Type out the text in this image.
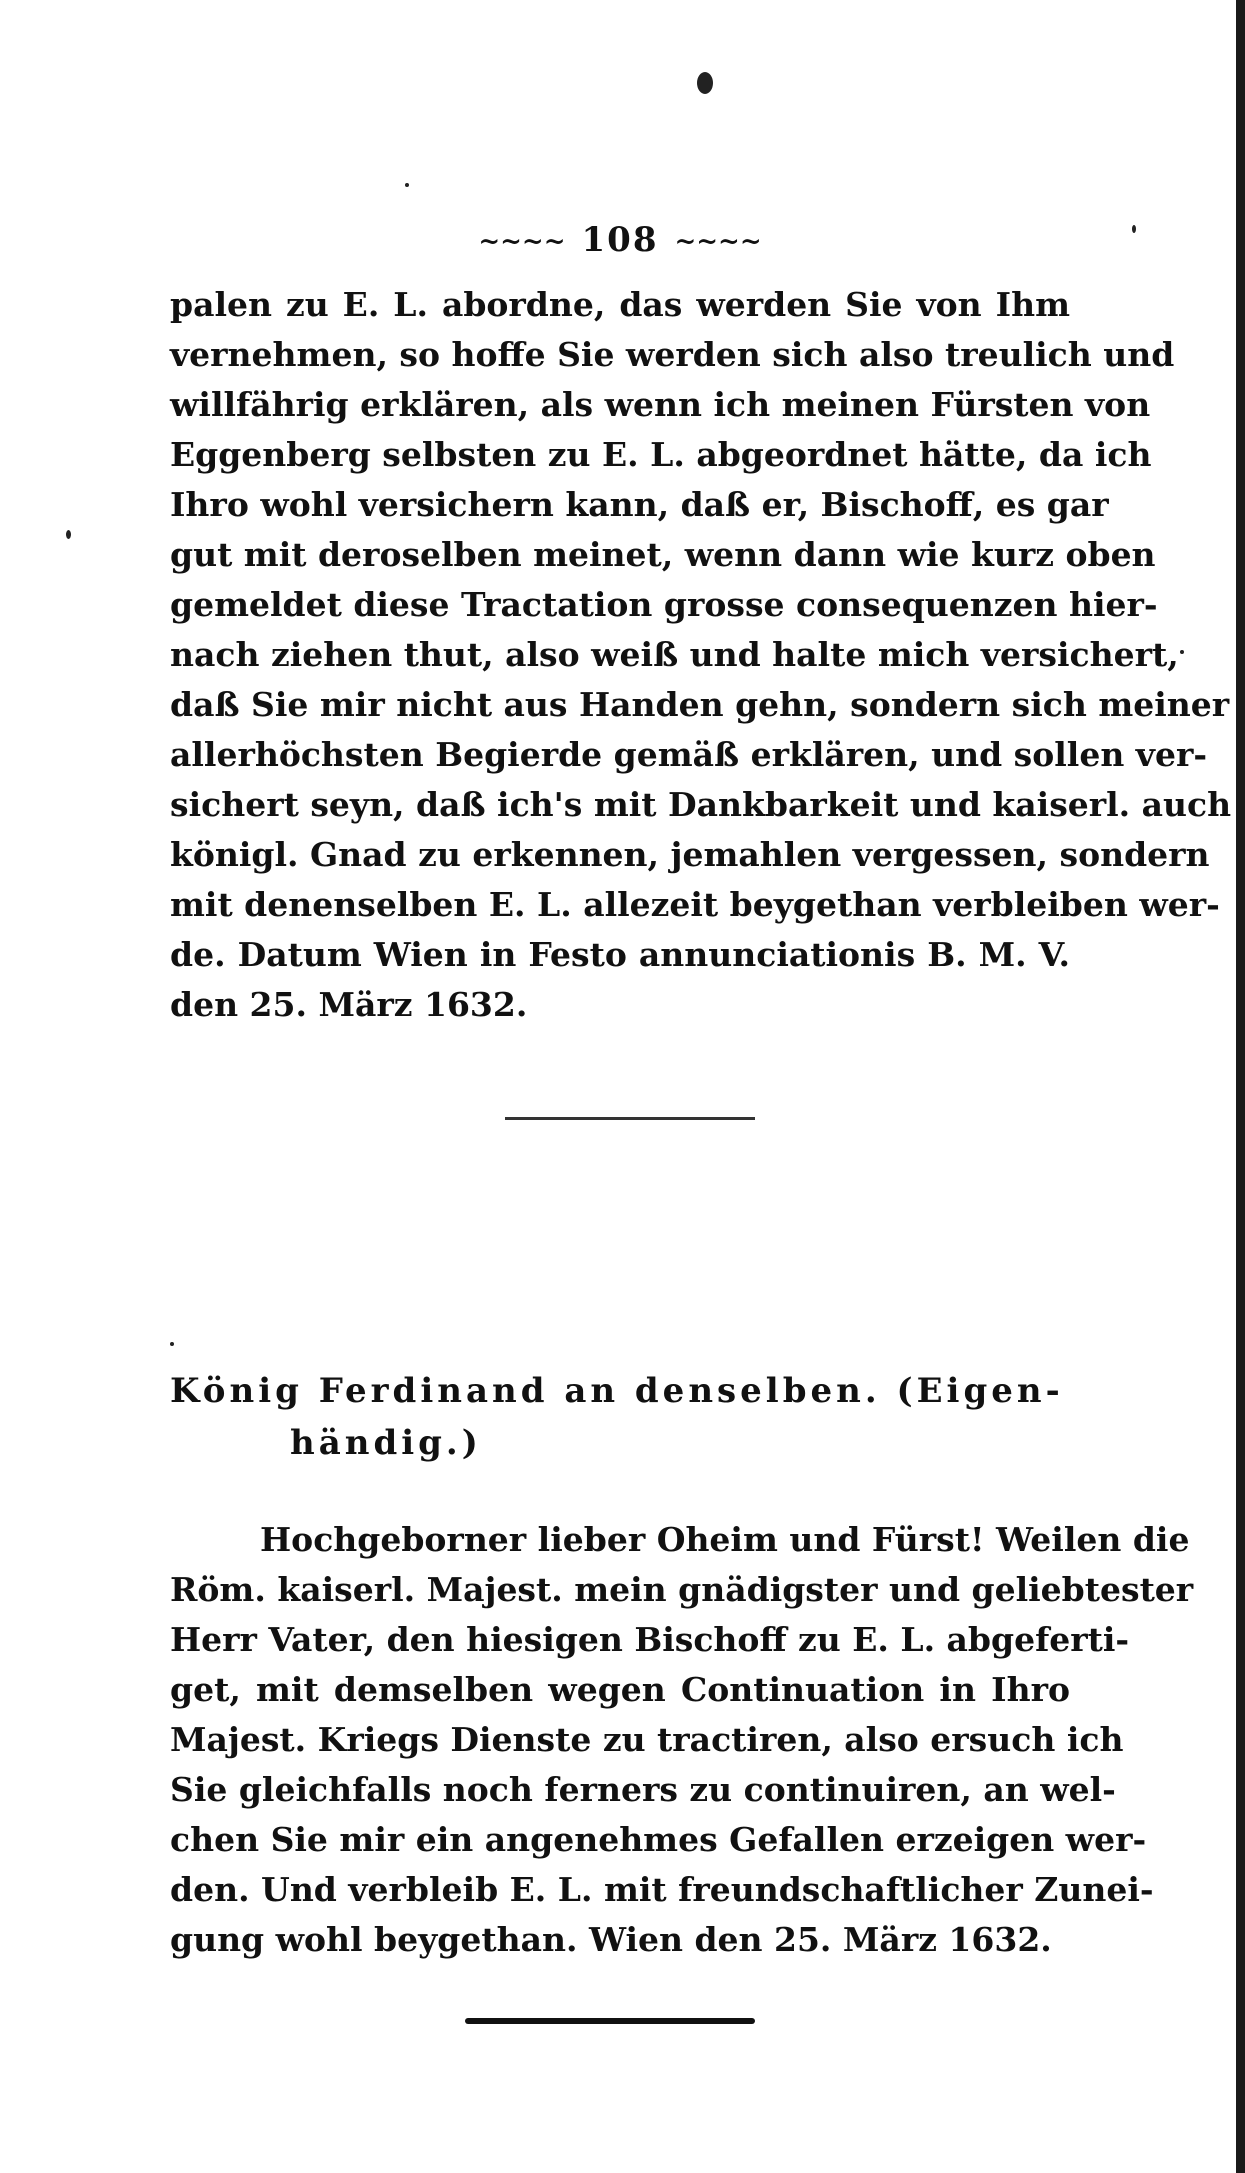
~~~~ 108 ~~~~
palen zu E. L. abordne, das werden Sie von Ihm
vernehmen, so hoffe Sie werden sich also treulich und
willfährig erklären, als wenn ich meinen Fürsten von
Eggenberg selbsten zu E. L. abgeordnet hätte, da ich
Ihro wohl versichern kann, daß er, Bischoff, es gar
gut mit deroselben meinet, wenn dann wie kurz oben
gemeldet diese Tractation grosse consequenzen hier-
nach ziehen thut, also weiß und halte mich versichert,
daß Sie mir nicht aus Handen gehn, sondern sich meiner
allerhöchsten Begierde gemäß erklären, und sollen ver-
sichert seyn, daß ich's mit Dankbarkeit und kaiserl. auch
königl. Gnad zu erkennen, jemahlen vergessen, sondern
mit denenselben E. L. allezeit beygethan verbleiben wer-
de. Datum Wien in Festo annunciationis B. M. V.
den 25. März 1632.
König Ferdinand an denselben. (Eigen-
händig.)
Hochgeborner lieber Oheim und Fürst! Weilen die
Röm. kaiserl. Majest. mein gnädigster und geliebtester
Herr Vater, den hiesigen Bischoff zu E. L. abgeferti-
get, mit demselben wegen Continuation in Ihro
Majest. Kriegs Dienste zu tractiren, also ersuch ich
Sie gleichfalls noch ferners zu continuiren, an wel-
chen Sie mir ein angenehmes Gefallen erzeigen wer-
den. Und verbleib E. L. mit freundschaftlicher Zunei-
gung wohl beygethan. Wien den 25. März 1632.
